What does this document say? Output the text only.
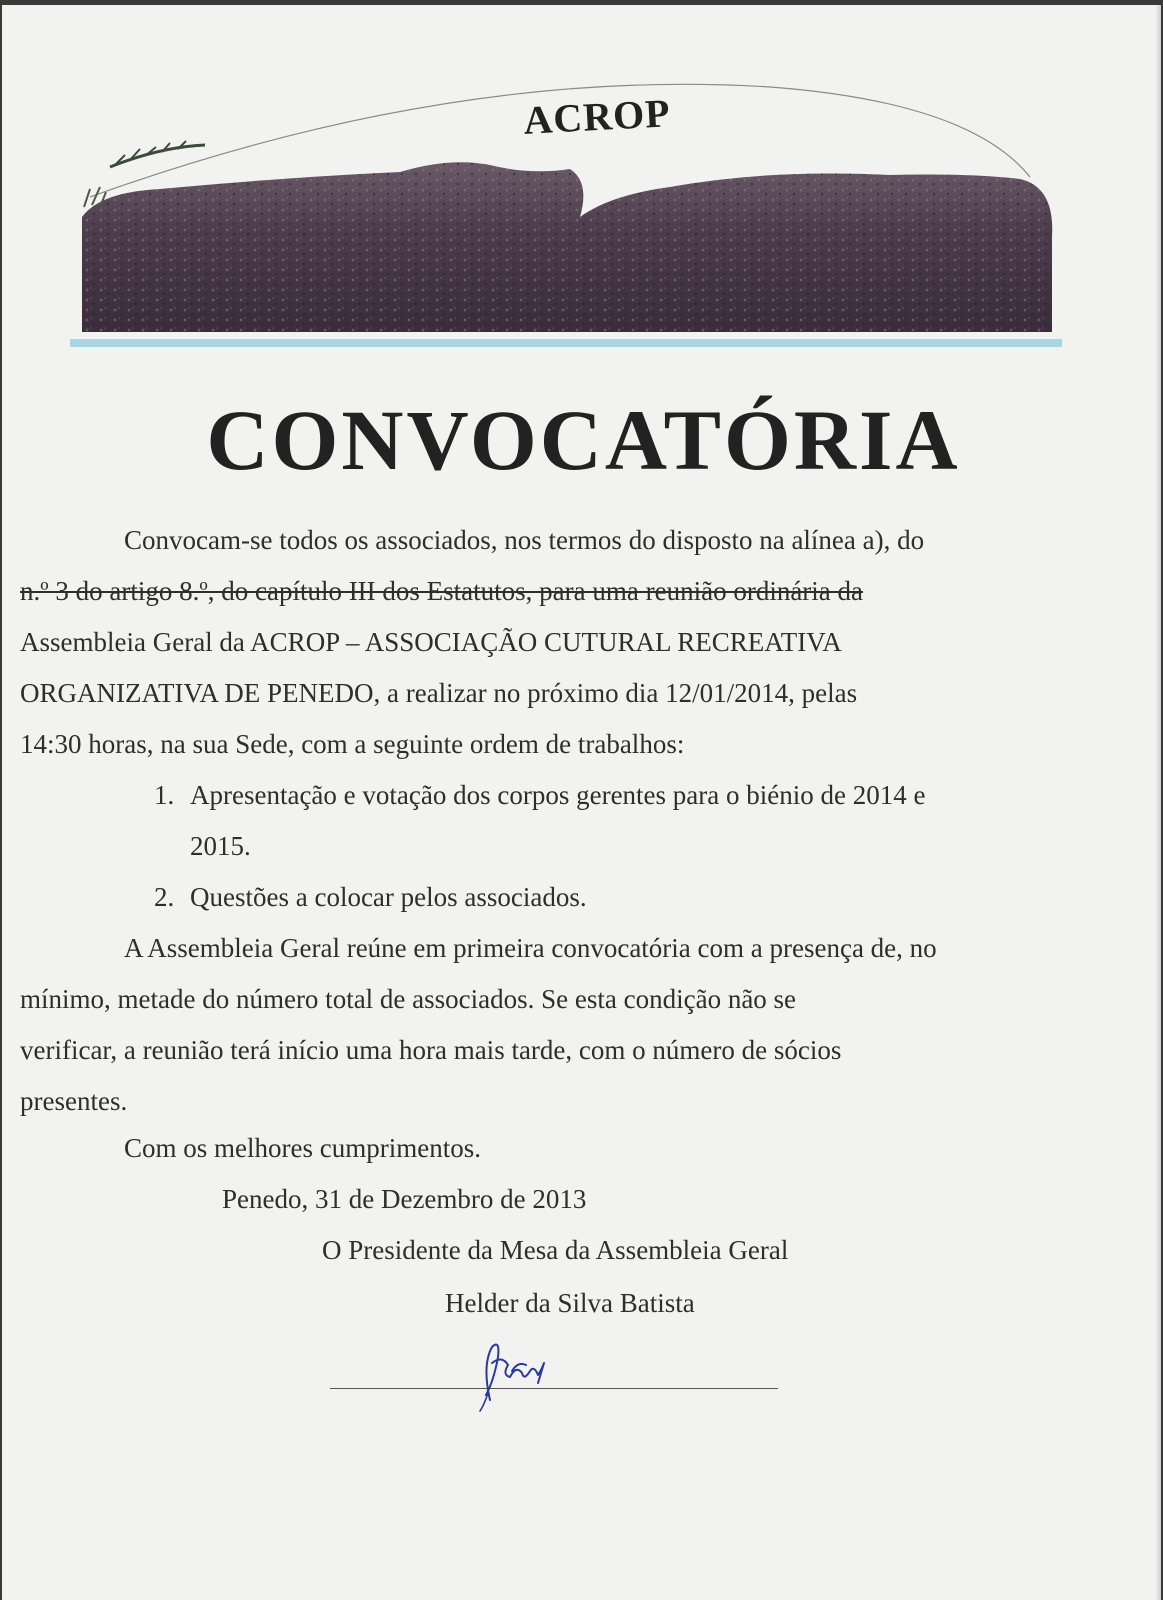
ACROP
CONVOCATÓRIA

Convocam-se todos os associados, nos termos do disposto na alínea a), do
n.º 3 do artigo 8.º, do capítulo III dos Estatutos, para uma reunião ordinária da
Assembleia Geral da ACROP – ASSOCIAÇÃO CUTURAL RECREATIVA
ORGANIZATIVA DE PENEDO, a realizar no próximo dia 12/01/2014, pelas
14:30 horas, na sua Sede, com a seguinte ordem de trabalhos:

1. Apresentação e votação dos corpos gerentes para o biénio de 2014 e
2015.
2. Questões a colocar pelos associados.

A Assembleia Geral reúne em primeira convocatória com a presença de, no
mínimo, metade do número total de associados. Se esta condição não se
verificar, a reunião terá início uma hora mais tarde, com o número de sócios
presentes.

Com os melhores cumprimentos.
Penedo, 31 de Dezembro de 2013
O Presidente da Mesa da Assembleia Geral
Helder da Silva Batista
